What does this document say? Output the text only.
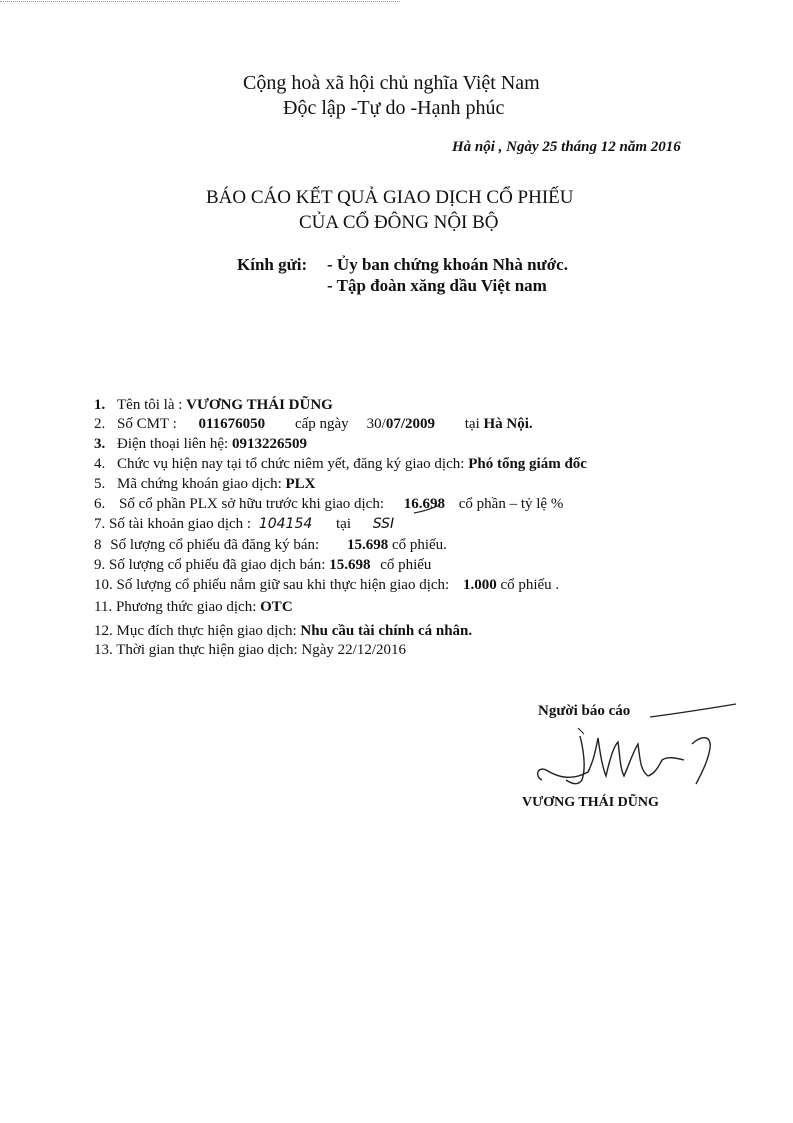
Cộng hoà xã hội chủ nghĩa Việt Nam
Độc lập -Tự do -Hạnh phúc
Hà nội , Ngày 25 tháng 12 năm 2016
BÁO CÁO KẾT QUẢ GIAO DỊCH CỔ PHIẾU
CỦA CỔ ĐÔNG NỘI BỘ
Kính gửi: - Ủy ban chứng khoán Nhà nước.
- Tập đoàn xăng dầu Việt nam
1. Tên tôi là : VƯƠNG THÁI DŨNG
2. Số CMT : 011676050 cấp ngày 30/07/2009 tại Hà Nội.
3. Điện thoại liên hệ: 0913226509
4. Chức vụ hiện nay tại tổ chức niêm yết, đăng ký giao dịch: Phó tổng giám đốc
5. Mã chứng khoán giao dịch: PLX
6. Số cổ phần PLX sở hữu trước khi giao dịch: 16.698 cổ phần – tỷ lệ %
7. Số tài khoản giao dịch : 104154 tại SSI
8 Số lượng cổ phiếu đã đăng ký bán: 15.698 cổ phiếu.
9. Số lượng cổ phiếu đã giao dịch bán: 15.698 cổ phiếu
10. Số lượng cổ phiếu nắm giữ sau khi thực hiện giao dịch: 1.000 cổ phiếu .
11. Phương thức giao dịch: OTC
12. Mục đích thực hiện giao dịch: Nhu cầu tài chính cá nhân.
13. Thời gian thực hiện giao dịch: Ngày 22/12/2016
Người báo cáo
VƯƠNG THÁI DŨNG
